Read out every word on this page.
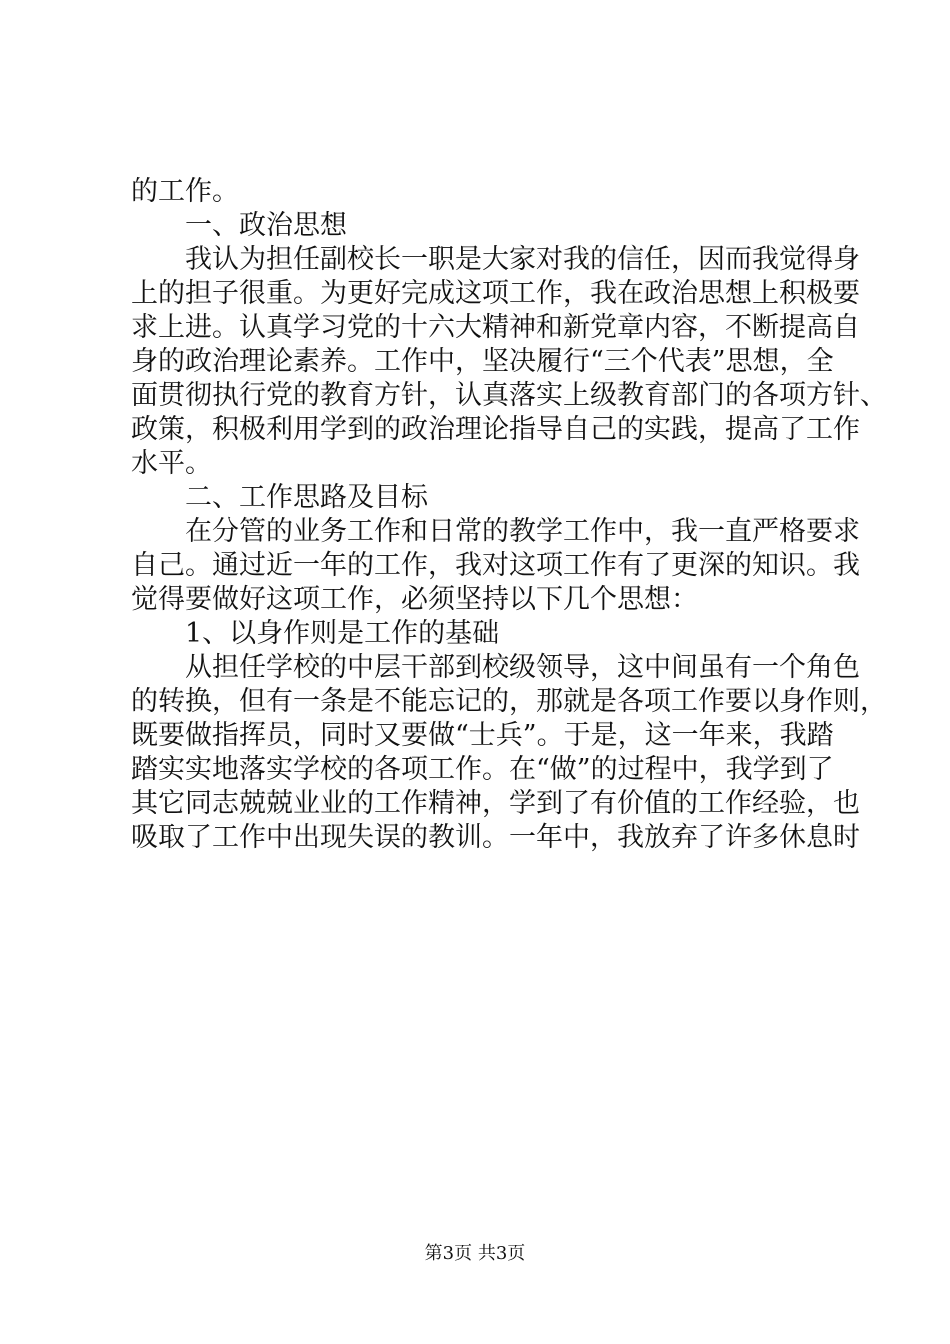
的工作。
一、政治思想
我认为担任副校长一职是大家对我的信任，因而我觉得身
上的担子很重。为更好完成这项工作，我在政治思想上积极要
求上进。认真学习党的十六大精神和新党章内容，不断提高自
身的政治理论素养。工作中，坚决履行“三个代表”思想，全
面贯彻执行党的教育方针，认真落实上级教育部门的各项方针、
政策，积极利用学到的政治理论指导自己的实践，提高了工作
水平。
二、工作思路及目标
在分管的业务工作和日常的教学工作中，我一直严格要求
自己。通过近一年的工作，我对这项工作有了更深的知识。我
觉得要做好这项工作，必须坚持以下几个思想：
1、以身作则是工作的基础
从担任学校的中层干部到校级领导，这中间虽有一个角色
的转换，但有一条是不能忘记的，那就是各项工作要以身作则，
既要做指挥员，同时又要做“士兵”。于是，这一年来，我踏
踏实实地落实学校的各项工作。在“做”的过程中，我学到了
其它同志兢兢业业的工作精神，学到了有价值的工作经验，也
吸取了工作中出现失误的教训。一年中，我放弃了许多休息时
第3页 共3页
